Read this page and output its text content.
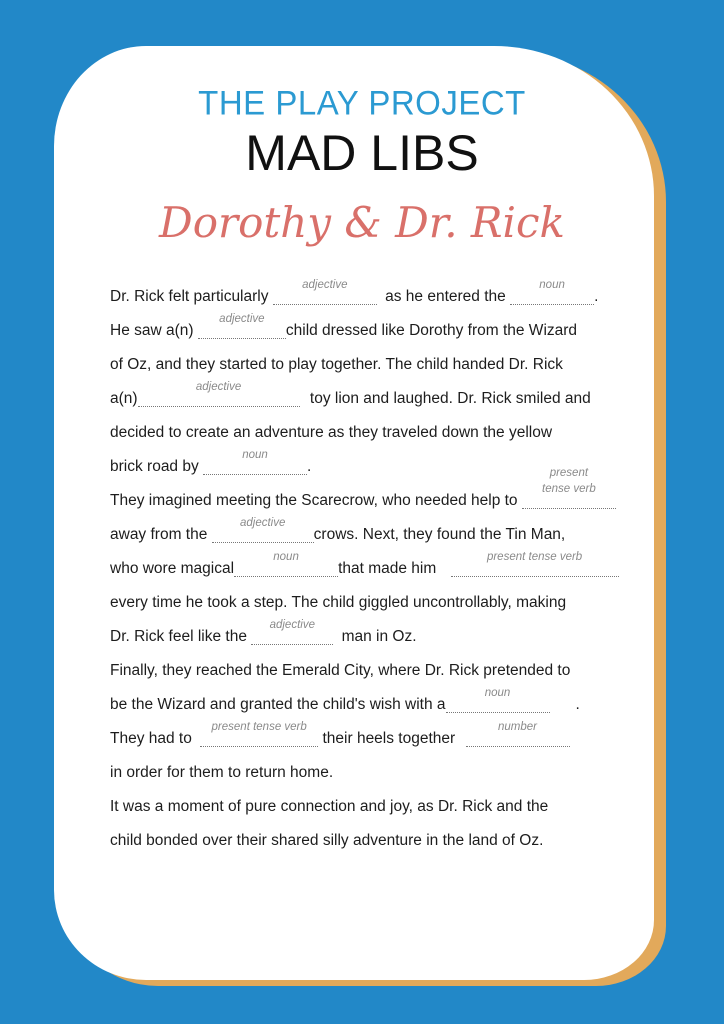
THE PLAY PROJECT
MAD LIBS
Dorothy & Dr. Rick
Dr. Rick felt particularly
adjective
as he entered the
noun
.
He saw a(n)
adjective
child dressed like Dorothy from the Wizard
of Oz, and they started to play together. The child handed Dr. Rick
a(n)
adjective
toy lion and laughed. Dr. Rick smiled and
decided to create an adventure as they traveled down the yellow
brick road by
noun
.
They imagined meeting the Scarecrow, who needed help to
present
tense verb
away from the
adjective
crows. Next, they found the Tin Man,
who wore magical
noun
that made him
present tense verb
every time he took a step. The child giggled uncontrollably, making
Dr. Rick feel like the
adjective
man in Oz.
Finally, they reached the Emerald City, where Dr. Rick pretended to
be the Wizard and granted the child's wish with a
noun
.
They had to
present tense verb
their heels together
number
in order for them to return home.
It was a moment of pure connection and joy, as Dr. Rick and the
child bonded over their shared silly adventure in the land of Oz.
